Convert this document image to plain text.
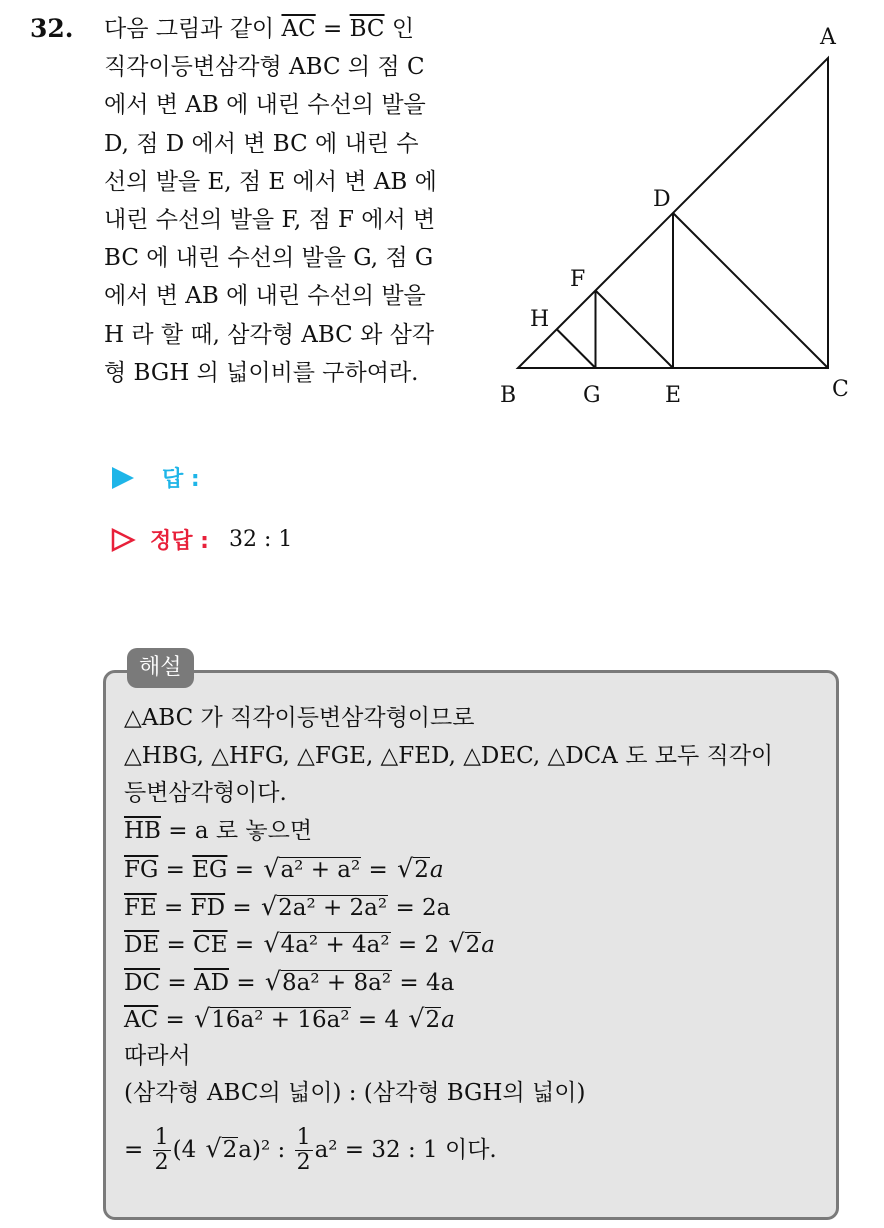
32. 다음 그림과 같이 $\overline{AC} = \overline{BC}$ 인
직각이등변삼각형 ABC 의 점 C
에서 변 AB 에 내린 수선의 발을
D, 점 D 에서 변 BC 에 내린 수
선의 발을 E, 점 E 에서 변 AB 에
내린 수선의 발을 F, 점 F 에서 변
BC 에 내린 수선의 발을 G, 점 G
에서 변 AB 에 내린 수선의 발을
H 라 할 때, 삼각형 ABC 와 삼각
형 BGH 의 넓이비를 구하여라.
A
B	C
D
E
F
G
H
답 :
정답 : 32 : 1
해설
△ABC 가 직각이등변삼각형이므로
△HBG, △HFG, △FGE, △FED, △DEC, △DCA 도 모두 직각이
등변삼각형이다.
$\overline{HB} = a$ 로 놓으면
$\overline{FG} = \overline{EG} = √a^2 + a^2 = √2a$
$\overline{FE} = \overline{FD} = √2a^2 + 2a^2 = 2a$
$\overline{DE} = \overline{CE} = √4a^2 + 4a^2 = 2$ √2a
$\overline{DC} = \overline{AD} = √8a^2 + 8a^2 = 4a$
$\overline{AC} = √16a^2 + 16a^2 = 4$ √2a
따라서
(삼각형 ABC의 넓이) : (삼각형 BGH의 넓이)
= $\frac{1}{2} (4$ √2a)² : $\frac{1}{2} a^2 = 32$ : 1 이다.
